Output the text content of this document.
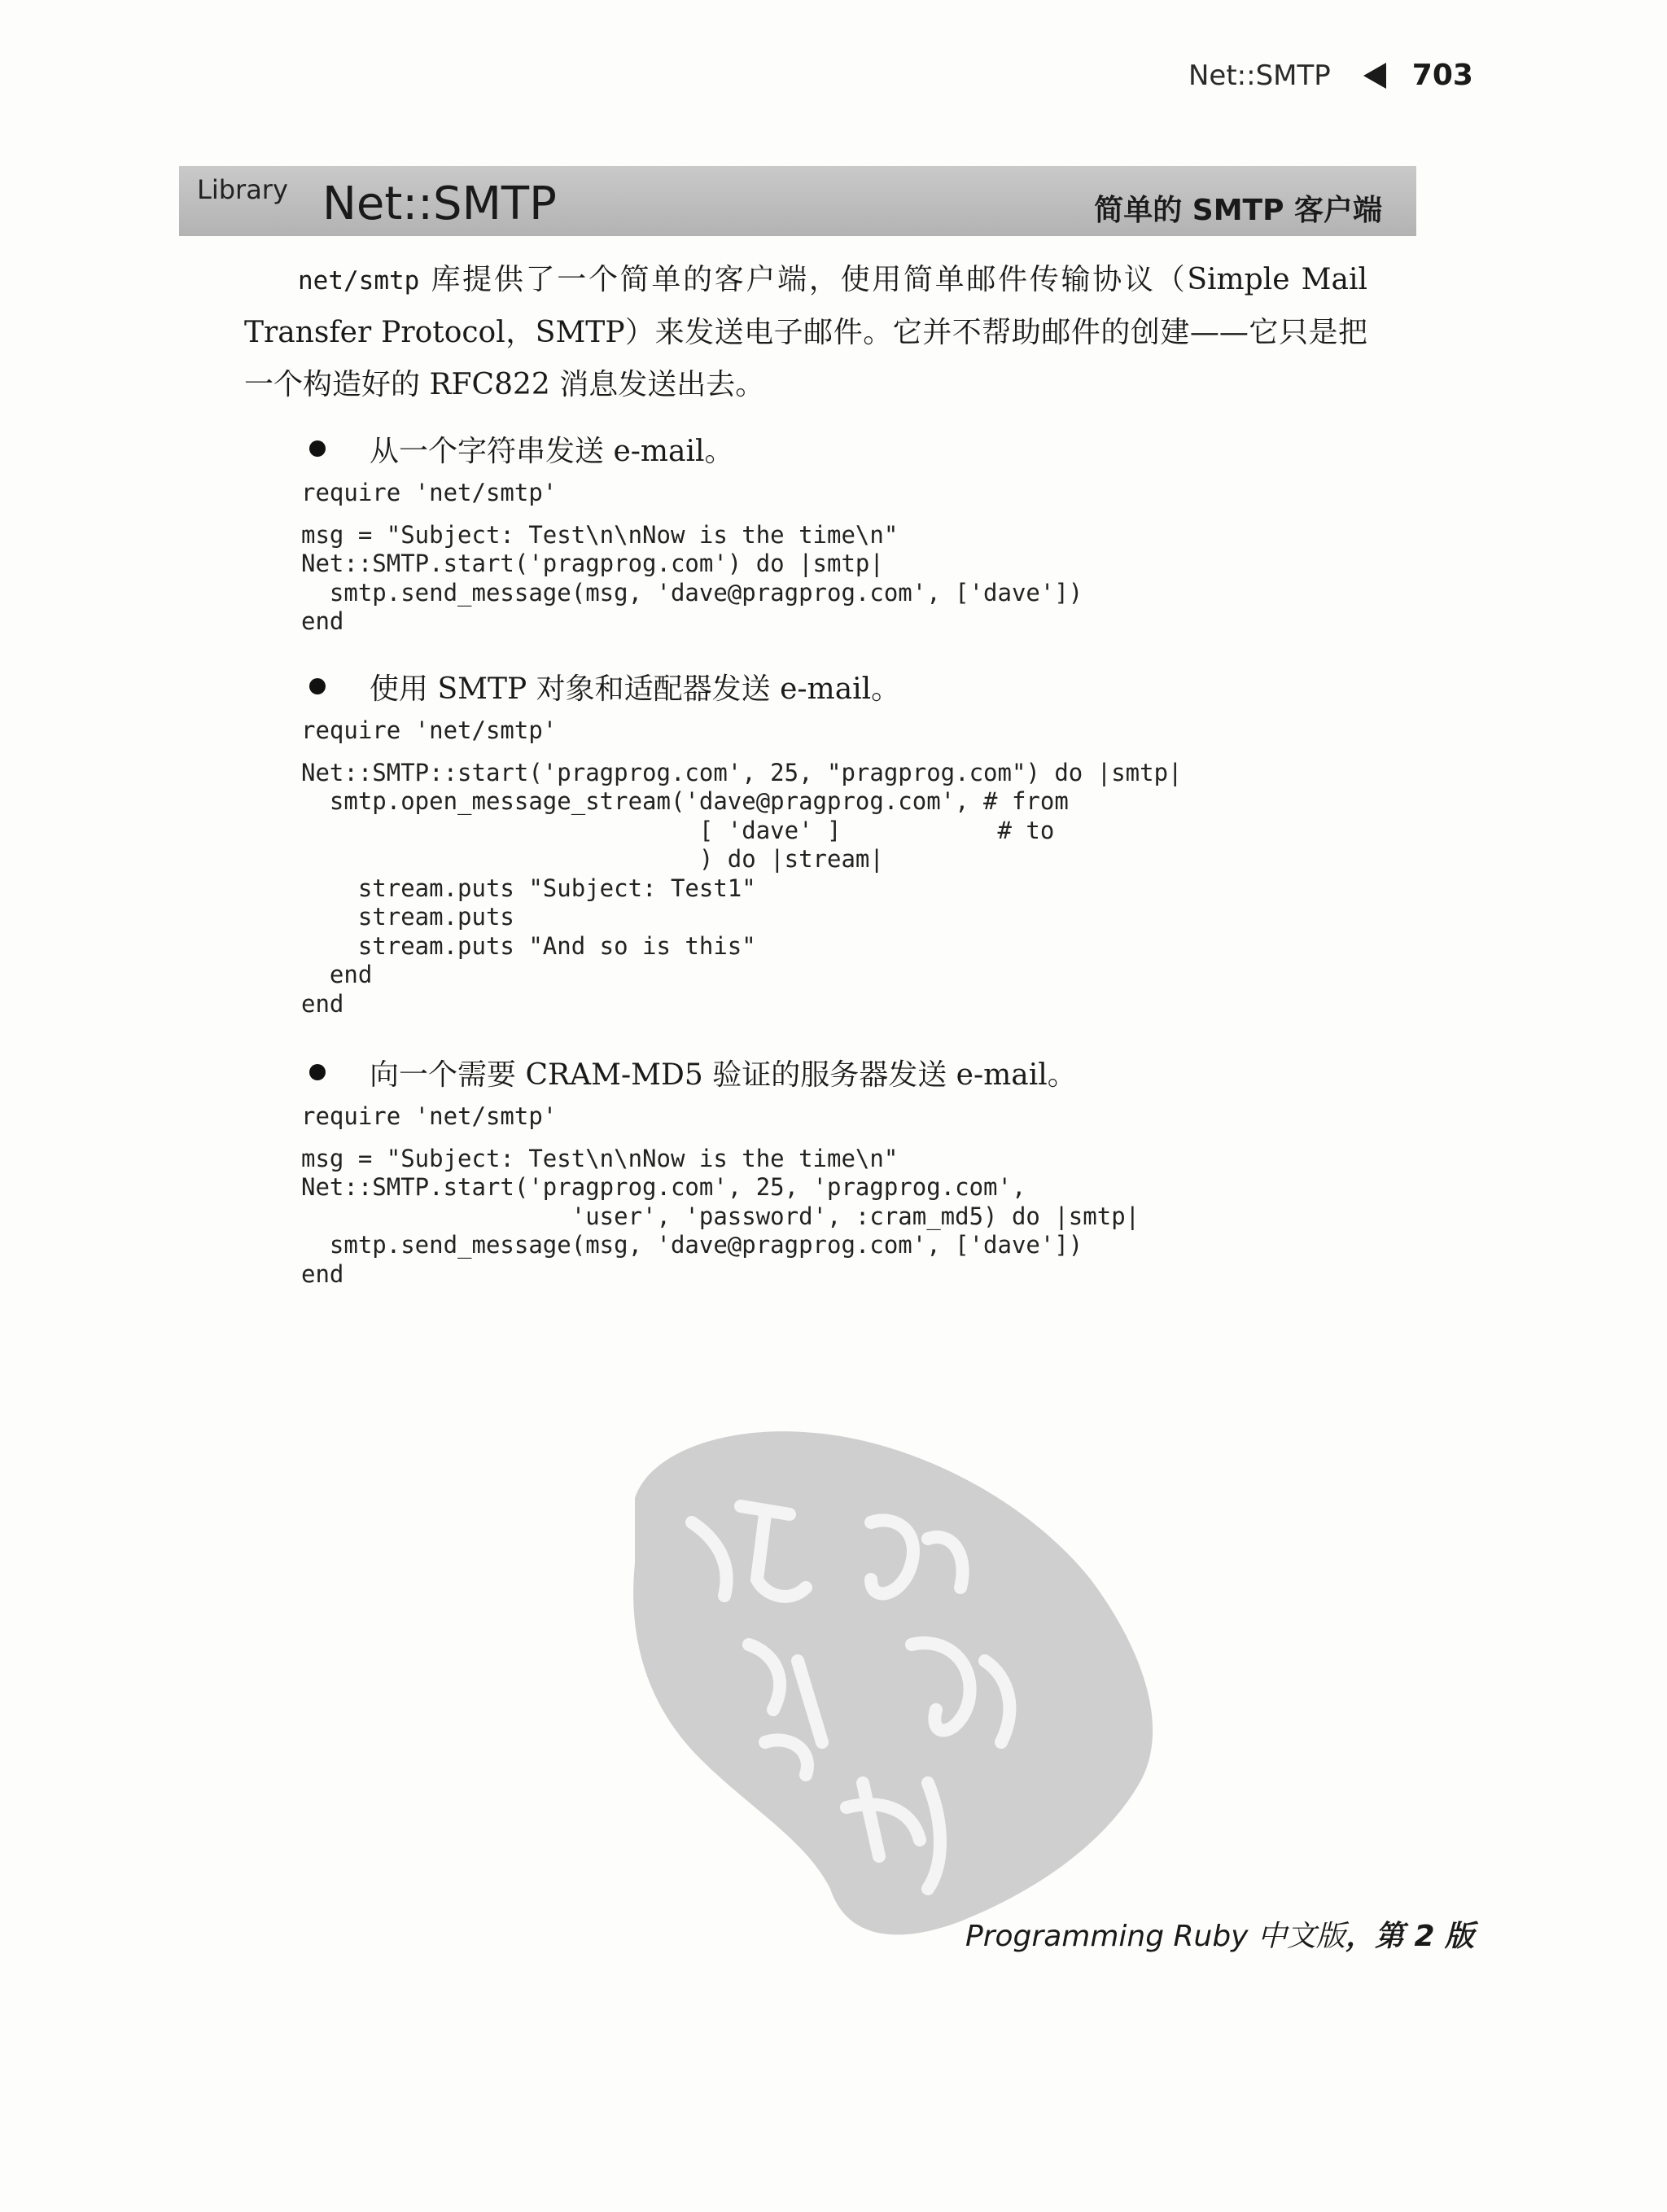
Net::SMTP	703
Library Net::SMTP	简单的 SMTP 客户端

net/smtp 库提供了一个简单的客户端，使用简单邮件传输协议（Simple Mail Transfer Protocol，SMTP）来发送电子邮件。它并不帮助邮件的创建——它只是把一个构造好的 RFC822 消息发送出去。

从一个字符串发送 e-mail。
require 'net/smtp'
msg = "Subject: Test\n\nNow is the time\n"
Net::SMTP.start('pragprog.com') do |smtp|
smtp.send_message(msg, 'dave@pragprog.com', ['dave'])
end
使用 SMTP 对象和适配器发送 e-mail。
require 'net/smtp'
Net::SMTP::start('pragprog.com', 25, "pragprog.com") do |smtp|
smtp.open_message_stream('dave@pragprog.com', # from
[ 'dave' ]           # to
) do |stream|
stream.puts "Subject: Test1"
stream.puts
stream.puts "And so is this"
end
end
向一个需要 CRAM-MD5 验证的服务器发送 e-mail。
require 'net/smtp'
msg = "Subject: Test\n\nNow is the time\n"
Net::SMTP.start('pragprog.com', 25, 'pragprog.com',
'user', 'password', :cram_md5) do |smtp|
smtp.send_message(msg, 'dave@pragprog.com', ['dave'])
end
Programming Ruby 中文版，第 2 版
